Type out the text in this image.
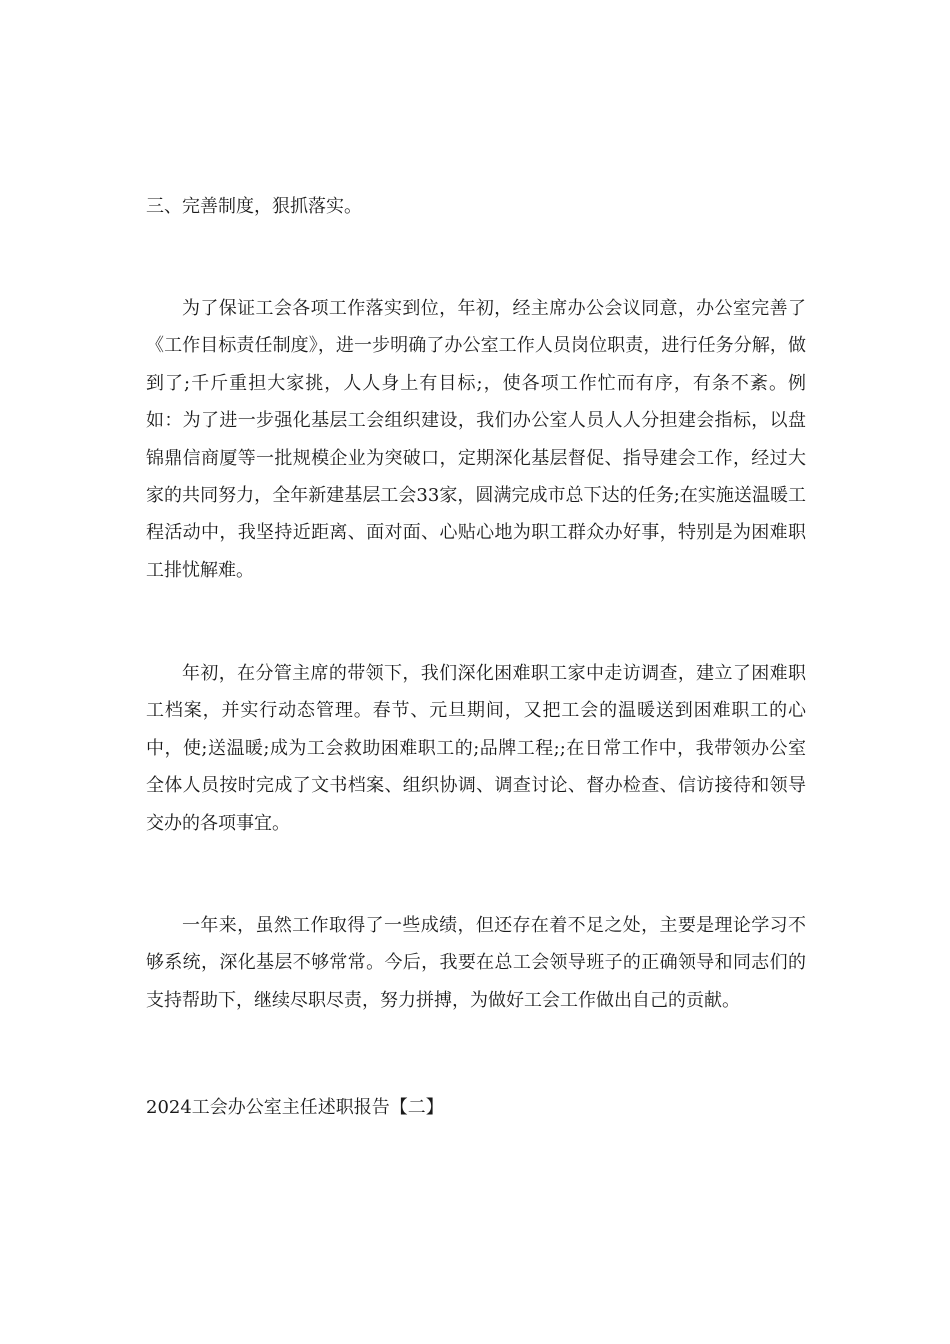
三、完善制度，狠抓落实。

为了保证工会各项工作落实到位，年初，经主席办公会议同意，办公室完善了《工作目标责任制度》，进一步明确了办公室工作人员岗位职责，进行任务分解，做到了;千斤重担大家挑，人人身上有目标;，使各项工作忙而有序，有条不紊。例如：为了进一步强化基层工会组织建设，我们办公室人员人人分担建会指标，以盘锦鼎信商厦等一批规模企业为突破口，定期深化基层督促、指导建会工作，经过大家的共同努力，全年新建基层工会33家，圆满完成市总下达的任务;在实施送温暖工程活动中，我坚持近距离、面对面、心贴心地为职工群众办好事，特别是为困难职工排忧解难。

年初，在分管主席的带领下，我们深化困难职工家中走访调查，建立了困难职工档案，并实行动态管理。春节、元旦期间，又把工会的温暖送到困难职工的心中，使;送温暖;成为工会救助困难职工的;品牌工程;;在日常工作中，我带领办公室全体人员按时完成了文书档案、组织协调、调查讨论、督办检查、信访接待和领导交办的各项事宜。

一年来，虽然工作取得了一些成绩，但还存在着不足之处，主要是理论学习不够系统，深化基层不够常常。今后，我要在总工会领导班子的正确领导和同志们的支持帮助下，继续尽职尽责，努力拼搏，为做好工会工作做出自己的贡献。

2024工会办公室主任述职报告【二】
